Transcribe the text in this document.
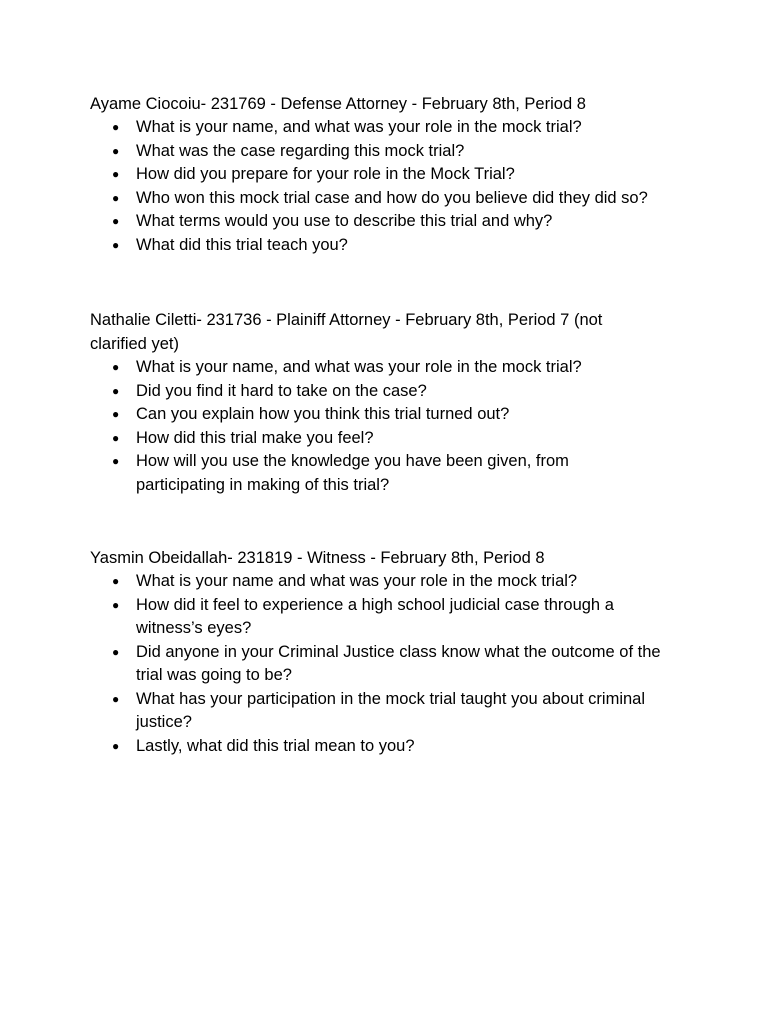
Ayame Ciocoiu- 231769 - Defense Attorney - February 8th, Period 8

● What is your name, and what was your role in the mock trial?
● What was the case regarding this mock trial?
● How did you prepare for your role in the Mock Trial?
● Who won this mock trial case and how do you believe did they did so?
● What terms would you use to describe this trial and why?
● What did this trial teach you?

Nathalie Ciletti- 231736 - Plainiff Attorney - February 8th, Period 7 (not clarified yet)

● What is your name, and what was your role in the mock trial?
● Did you find it hard to take on the case?
● Can you explain how you think this trial turned out?
● How did this trial make you feel?
● How will you use the knowledge you have been given, from participating in making of this trial?

Yasmin Obeidallah- 231819 - Witness - February 8th, Period 8

● What is your name and what was your role in the mock trial?
● How did it feel to experience a high school judicial case through a witness’s eyes?
● Did anyone in your Criminal Justice class know what the outcome of the trial was going to be?
● What has your participation in the mock trial taught you about criminal justice?
● Lastly, what did this trial mean to you?
